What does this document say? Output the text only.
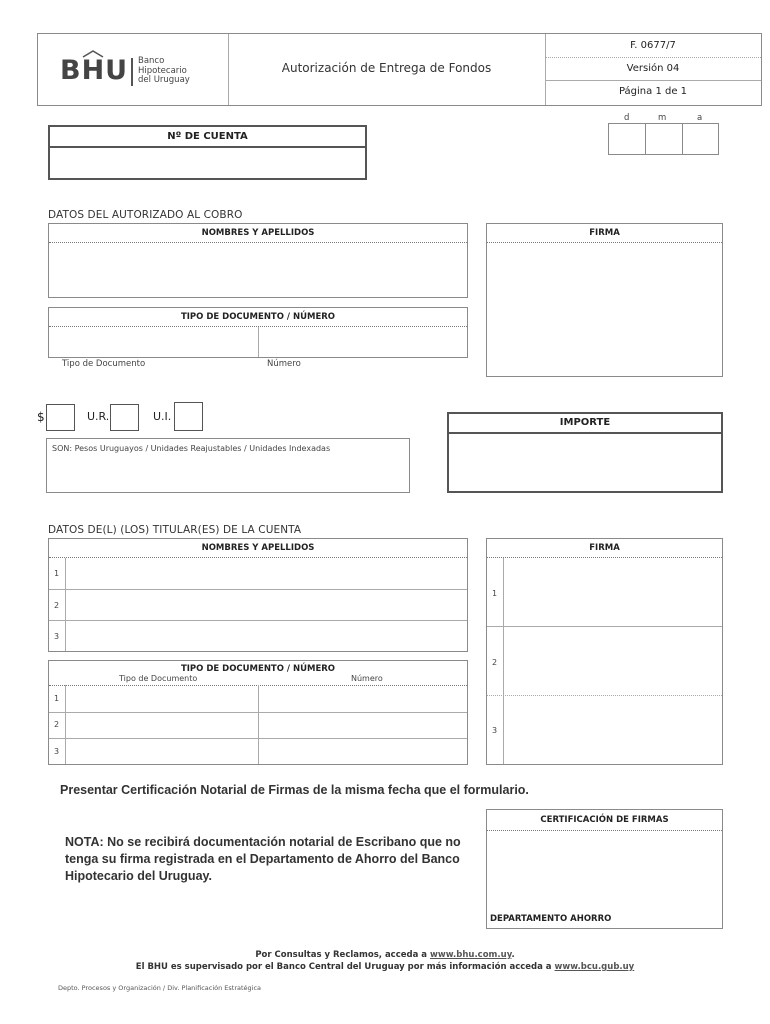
BHU Banco
Hipotecario
del Uruguay
Autorización de Entrega de Fondos
F. 0677/7
Versión 04
Página 1 de 1
d	m	a
Nº DE CUENTA
DATOS DEL AUTORIZADO AL COBRO
NOMBRES Y APELLIDOS	FIRMA
TIPO DE DOCUMENTO / NÚMERO
Tipo de Documento	Número
$	U.R.	U.I.
SON: Pesos Uruguayos / Unidades Reajustables / Unidades Indexadas
IMPORTE
DATOS DE(L) (LOS) TITULAR(ES) DE LA CUENTA
NOMBRES Y APELLIDOS
1
2
3
FIRMA
1
2
3
TIPO DE DOCUMENTO / NÚMERO
Tipo de Documento	Número
1
2
3
Presentar Certificación Notarial de Firmas de la misma fecha que el formulario.
NOTA: No se recibirá documentación notarial de Escribano que no tenga su firma registrada en el Departamento de Ahorro del Banco Hipotecario del Uruguay.
CERTIFICACIÓN DE FIRMAS
DEPARTAMENTO AHORRO
Por Consultas y Reclamos, acceda a www.bhu.com.uy.
El BHU es supervisado por el Banco Central del Uruguay por más información acceda a www.bcu.gub.uy
Depto. Procesos y Organización / Div. Planificación Estratégica
